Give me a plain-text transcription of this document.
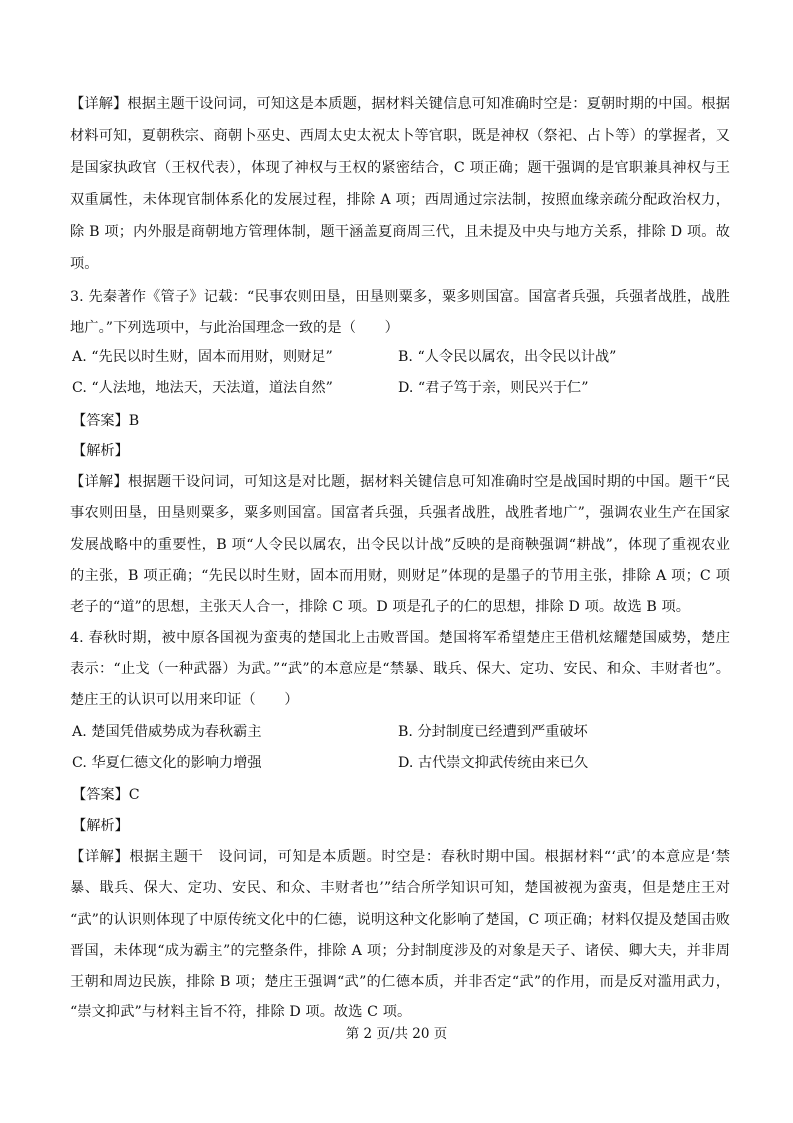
【详解】根据主题干设问词，可知这是本质题，据材料关键信息可知准确时空是：夏朝时期的中国。根据
材料可知，夏朝秩宗、商朝卜巫史、西周太史太祝太卜等官职，既是神权（祭祀、占卜等）的掌握者，又
是国家执政官（王权代表），体现了神权与王权的紧密结合，C 项正确；题干强调的是官职兼具神权与王
双重属性，未体现官制体系化的发展过程，排除 A 项；西周通过宗法制，按照血缘亲疏分配政治权力，
除 B 项；内外服是商朝地方管理体制，题干涵盖夏商周三代，且未提及中央与地方关系，排除 D 项。故
项。
3. 先秦著作《管子》记载：“民事农则田垦，田垦则粟多，粟多则国富。国富者兵强，兵强者战胜，战胜
地广。”下列选项中，与此治国理念一致的是（　　）
A. “先民以时生财，固本而用财，则财足”	B. “人令民以属农，出令民以计战”
C. “人法地，地法天，天法道，道法自然”	D. “君子笃于亲，则民兴于仁”
【答案】B
【解析】
【详解】根据题干设问词，可知这是对比题，据材料关键信息可知准确时空是战国时期的中国。题干“民
事农则田垦，田垦则粟多，粟多则国富。国富者兵强，兵强者战胜，战胜者地广”，强调农业生产在国家
发展战略中的重要性，B 项“人令民以属农，出令民以计战”反映的是商鞅强调“耕战”，体现了重视农业
的主张，B 项正确；“先民以时生财，固本而用财，则财足”体现的是墨子的节用主张，排除 A 项；C 项
老子的“道”的思想，主张天人合一，排除 C 项。D 项是孔子的仁的思想，排除 D 项。故选 B 项。
4. 春秋时期，被中原各国视为蛮夷的楚国北上击败晋国。楚国将军希望楚庄王借机炫耀楚国威势，楚庄
表示：“止戈（一种武器）为武。”“武”的本意应是“禁暴、戢兵、保大、定功、安民、和众、丰财者也”。
楚庄王的认识可以用来印证（　　）
A. 楚国凭借威势成为春秋霸主	B. 分封制度已经遭到严重破坏
C. 华夏仁德文化的影响力增强	D. 古代崇文抑武传统由来已久
【答案】C
【解析】
【详解】根据主题干　设问词，可知是本质题。时空是：春秋时期中国。根据材料“‘武’的本意应是‘禁
暴、戢兵、保大、定功、安民、和众、丰财者也’”结合所学知识可知，楚国被视为蛮夷，但是楚庄王对
“武”的认识则体现了中原传统文化中的仁德，说明这种文化影响了楚国，C 项正确；材料仅提及楚国击败
晋国，未体现“成为霸主”的完整条件，排除 A 项；分封制度涉及的对象是天子、诸侯、卿大夫，并非周
王朝和周边民族，排除 B 项；楚庄王强调“武”的仁德本质，并非否定“武”的作用，而是反对滥用武力，
“崇文抑武”与材料主旨不符，排除 D 项。故选 C 项。
第 2 页/共 20 页
